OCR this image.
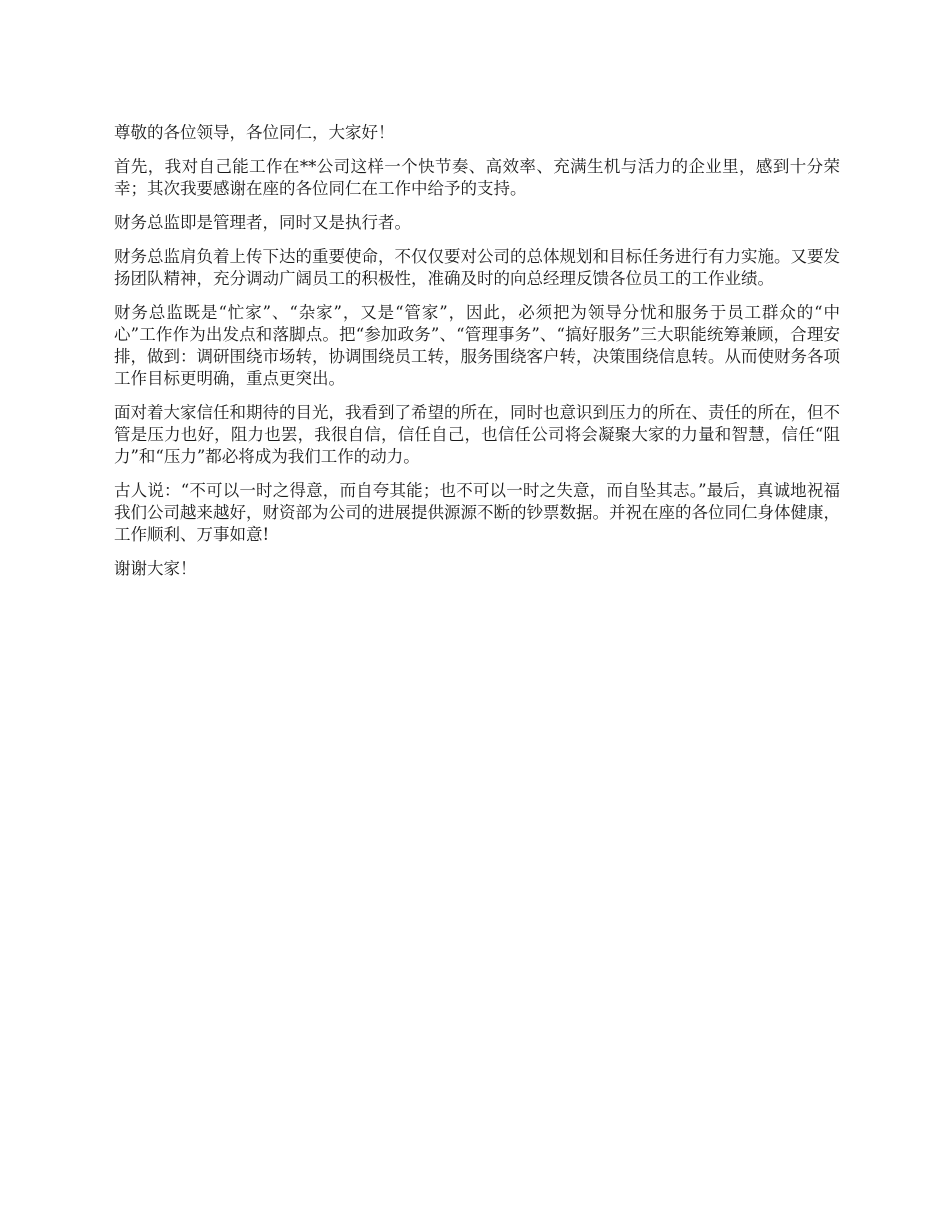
尊敬的各位领导，各位同仁，大家好！

首先，我对自己能工作在**公司这样一个快节奏、高效率、充满生机与活力的企业里，感到十分荣幸；其次我要感谢在座的各位同仁在工作中给予的支持。

财务总监即是管理者，同时又是执行者。

财务总监肩负着上传下达的重要使命，不仅仅要对公司的总体规划和目标任务进行有力实施。又要发扬团队精神，充分调动广阔员工的积极性，准确及时的向总经理反馈各位员工的工作业绩。

财务总监既是“忙家”、“杂家”，又是“管家”，因此，必须把为领导分忧和服务于员工群众的“中心”工作作为出发点和落脚点。把“参加政务”、“管理事务”、“搞好服务”三大职能统筹兼顾，合理安排，做到：调研围绕市场转，协调围绕员工转，服务围绕客户转，决策围绕信息转。从而使财务各项工作目标更明确，重点更突出。

面对着大家信任和期待的目光，我看到了希望的所在，同时也意识到压力的所在、责任的所在，但不管是压力也好，阻力也罢，我很自信，信任自己，也信任公司将会凝聚大家的力量和智慧，信任“阻力”和“压力”都必将成为我们工作的动力。

古人说：“不可以一时之得意，而自夸其能；也不可以一时之失意，而自坠其志。”最后，真诚地祝福我们公司越来越好，财资部为公司的进展提供源源不断的钞票数据。并祝在座的各位同仁身体健康，工作顺利、万事如意!

谢谢大家！
